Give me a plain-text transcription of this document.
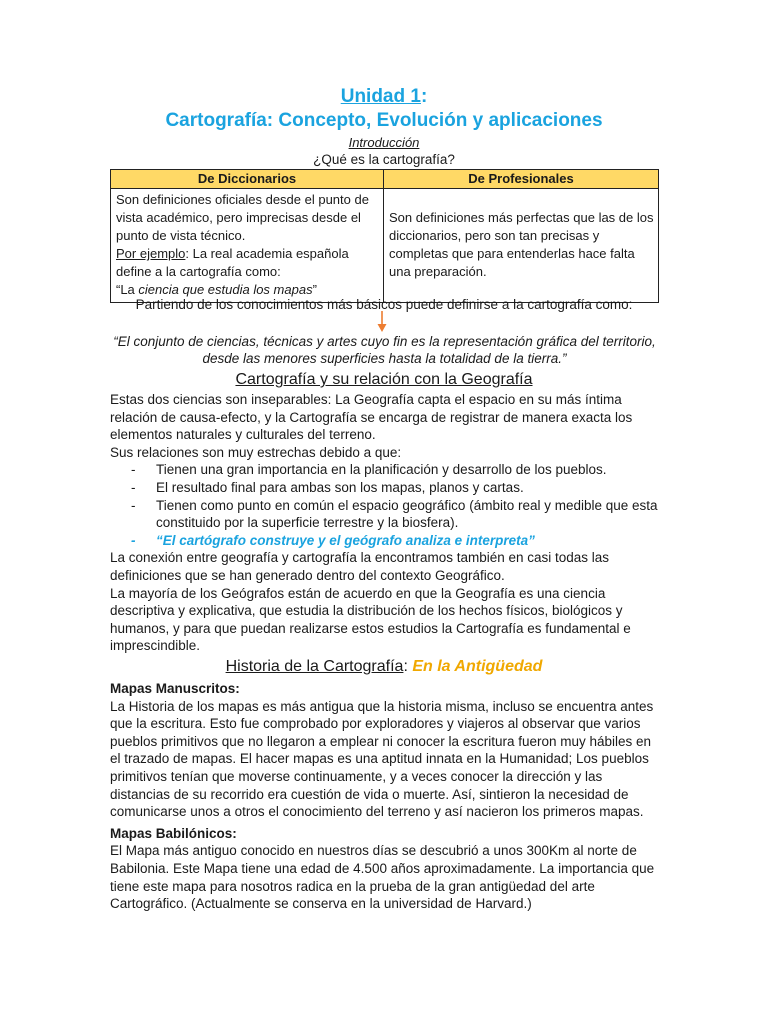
Unidad 1:
Cartografía: Concepto, Evolución y aplicaciones
Introducción
¿Qué es la cartografía?
De Diccionarios	De Profesionales
Son definiciones oficiales desde el punto de vista académico, pero imprecisas desde el punto de vista técnico.
Por ejemplo: La real academia española define a la cartografía como:
“La ciencia que estudia los mapas”	Son definiciones más perfectas que las de los diccionarios, pero son tan precisas y completas que para entenderlas hace falta una preparación.
Partiendo de los conocimientos más básicos puede definirse a la cartografía como:
“El conjunto de ciencias, técnicas y artes cuyo fin es la representación gráfica del territorio, desde las menores superficies hasta la totalidad de la tierra.”
Cartografía y su relación con la Geografía

Estas dos ciencias son inseparables: La Geografía capta el espacio en su más íntima relación de causa-efecto, y la Cartografía se encarga de registrar de manera exacta los elementos naturales y culturales del terreno.

Sus relaciones son muy estrechas debido a que:

- Tienen una gran importancia en la planificación y desarrollo de los pueblos.
- El resultado final para ambas son los mapas, planos y cartas.
- Tienen como punto en común el espacio geográfico (ámbito real y medible que esta constituido por la superficie terrestre y la biosfera).
- “El cartógrafo construye y el geógrafo analiza e interpreta”

La conexión entre geografía y cartografía la encontramos también en casi todas las definiciones que se han generado dentro del contexto Geográfico.

La mayoría de los Geógrafos están de acuerdo en que la Geografía es una ciencia descriptiva y explicativa, que estudia la distribución de los hechos físicos, biológicos y humanos, y para que puedan realizarse estos estudios la Cartografía es fundamental e imprescindible.

Historia de la Cartografía: En la Antigüedad

Mapas Manuscritos:

La Historia de los mapas es más antigua que la historia misma, incluso se encuentra antes que la escritura. Esto fue comprobado por exploradores y viajeros al observar que varios pueblos primitivos que no llegaron a emplear ni conocer la escritura fueron muy hábiles en el trazado de mapas. El hacer mapas es una aptitud innata en la Humanidad; Los pueblos primitivos tenían que moverse continuamente, y a veces conocer la dirección y las distancias de su recorrido era cuestión de vida o muerte. Así, sintieron la necesidad de comunicarse unos a otros el conocimiento del terreno y así nacieron los primeros mapas.

Mapas Babilónicos:

El Mapa más antiguo conocido en nuestros días se descubrió a unos 300Km al norte de Babilonia. Este Mapa tiene una edad de 4.500 años aproximadamente. La importancia que tiene este mapa para nosotros radica en la prueba de la gran antigüedad del arte Cartográfico. (Actualmente se conserva en la universidad de Harvard.)
